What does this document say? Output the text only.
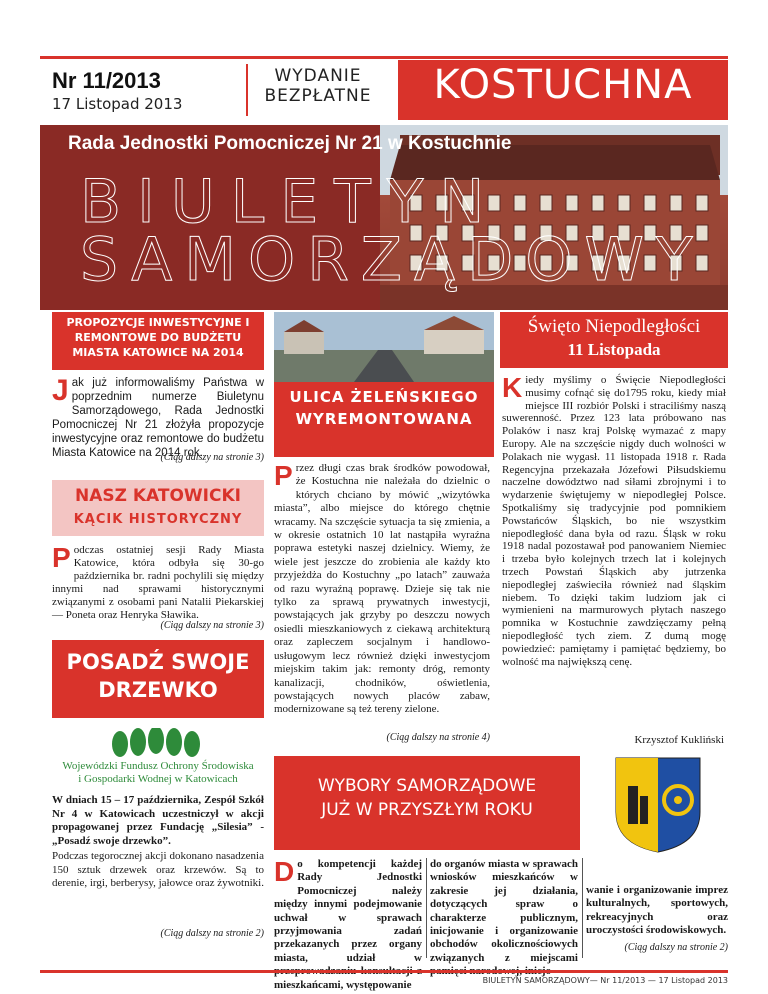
Nr 11/2013
17 Listopad 2013
WYDANIE
BEZPŁATNE	KOSTUCHNA
Rada Jednostki Pomocniczej Nr 21 w Kostuchnie
BIULETYN
SAMORZĄDOWY
PROPOZYCJE INWESTYCYJNE I REMONTOWE DO BUDŻETU MIASTA KATOWICE NA 2014
Jak już informowaliśmy Państwa w poprzednim numerze Biuletynu Samorządowego, Rada Jednostki Pomocniczej Nr 21 złożyła propozycje inwestycyjne oraz remontowe do budżetu Miasta Katowice na 2014 rok.
(Ciąg dalszy na stronie 3)
NASZ KATOWICKI
KĄCIK HISTORYCZNY
Podczas ostatniej sesji Rady Miasta Katowice, która odbyła się 30-go października br. radni pochylili się między innymi nad sprawami historycznymi związanymi z osobami pani Natalii Piekarskiej — Poneta oraz Henryka Sławika.
(Ciąg dalszy na stronie 3)
POSADŹ SWOJE DRZEWKO
Wojewódzki Fundusz Ochrony Środowiska
i Gospodarki Wodnej w Katowicach
W dniach 15 – 17 października, Zespół Szkół Nr 4 w Katowicach uczestniczył w akcji propagowanej przez Fundację „Silesia” - „Posadź swoje drzewko”.
Podczas tegorocznej akcji dokonano nasadzenia 150 sztuk drzewek oraz krzewów. Są to derenie, irgi, berberysy, jałowce oraz żywotniki.
(Ciąg dalszy na stronie 2)
ULICA ŻELEŃSKIEGO WYREMONTOWANA
Przez długi czas brak środków powodował, że Kostuchna nie należała do dzielnic o których chciano by mówić „wizytówka miasta”, albo miejsce do którego chętnie wracamy. Na szczęście sytuacja ta się zmienia, a w okresie ostatnich 10 lat nastąpiła wyraźna poprawa estetyki naszej dzielnicy. Wiemy, że wiele jest jeszcze do zrobienia ale każdy kto przyjeżdża do Kostuchny „po latach” zauważa od razu wyraźną poprawę. Dzieje się tak nie tylko za sprawą prywatnych inwestycji, powstających jak grzyby po deszczu nowych osiedli mieszkaniowych z ciekawą architekturą oraz zapleczem socjalnym i handlowo-usługowym lecz również dzięki inwestycjom miejskim takim jak: remonty dróg, remonty kanalizacji, chodników, oświetlenia, powstających nowych placów zabaw, modernizowane są też tereny zielone.
(Ciąg dalszy na stronie 4)
Święto Niepodległości
11 Listopada
Kiedy myślimy o Święcie Niepodległości musimy cofnąć się do1795 roku, kiedy miał miejsce III rozbiór Polski i straciliśmy naszą suwerenność. Przez 123 lata próbowano nas Polaków i nasz kraj Polskę wymazać z mapy Europy. Ale na szczęście nigdy duch wolności w Polakach nie wygasł. 11 listopada 1918 r. Rada Regencyjna przekazała Józefowi Piłsudskiemu naczelne dowództwo nad siłami zbrojnymi i to wydarzenie świętujemy w niepodległej Polsce. Spotkaliśmy się tradycyjnie pod pomnikiem Powstańców Śląskich, bo nie wszystkim niepodległość dana była od razu. Śląsk w roku 1918 nadal pozostawał pod panowaniem Niemiec i trzeba było kolejnych trzech lat i kolejnych trzech Powstań Śląskich aby jutrzenka niepodległej zaświeciła również nad śląskim niebem. To dzięki takim ludziom jak ci wymienieni na marmurowych płytach naszego pomnika w Kostuchnie zawdzięczamy pełną niepodległość tych ziem. Z dumą mogę powiedzieć: pamiętamy i pamiętać będziemy, bo wolność ma największą cenę.
Krzysztof Kukliński
WYBORY SAMORZĄDOWE
JUŻ W PRZYSZŁYM ROKU
Do kompetencji każdej Rady Jednostki Pomocniczej należy między innymi podejmowanie uchwał w sprawach przyjmowania zadań przekazanych przez organy miasta, udział w mieszkańcami, występowanie
do organów miasta w sprawach wniosków mieszkańców w zakresie jej działania, dotyczących spraw o charakterze publicznym, inicjowanie i organizowanie obchodów okolicznościowych związanych z miejscami
wanie i organizowanie imprez kulturalnych, sportowych, rekreacyjnych oraz uroczystości środowiskowych.
(Ciąg dalszy na stronie 2)
BIULETYN SAMORZĄDOWY— Nr 11/2013 — 17 Listopad 2013
